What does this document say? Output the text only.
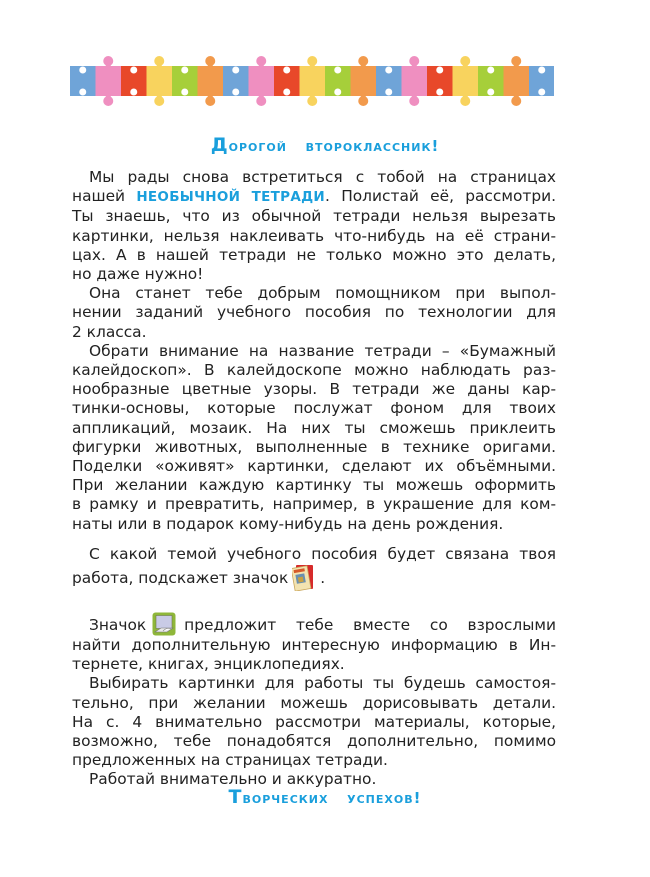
Дорогой   второклассник!
Мы рады снова встретиться с тобой на страницах
нашей НЕОБЫЧНОЙ ТЕТРАДИ. Полистай её, рассмотри.
Ты знаешь, что из обычной тетради нельзя вырезать
картинки, нельзя наклеивать что-нибудь на её страни-
цах. А в нашей тетради не только можно это делать,
но даже нужно!
Она станет тебе добрым помощником при выпол-
нении заданий учебного пособия по технологии для
2 класса.
Обрати внимание на название тетради – «Бумажный
калейдоскоп». В калейдоскопе можно наблюдать раз-
нообразные цветные узоры. В тетради же даны кар-
тинки-основы, которые послужат фоном для твоих
аппликаций, мозаик. На них ты сможешь приклеить
фигурки животных, выполненные в технике оригами.
Поделки «оживят» картинки, сделают их объёмными.
При желании каждую картинку ты можешь оформить
в рамку и превратить, например, в украшение для ком-
наты или в подарок кому-нибудь на день рождения.
С какой темой учебного пособия будет связана твоя
работа, подскажет значок .
Значок предложит тебе вместе со взрослыми
найти дополнительную интересную информацию в Ин-
тернете, книгах, энциклопедиях.
Выбирать картинки для работы ты будешь самостоя-
тельно, при желании можешь дорисовывать детали.
На с. 4 внимательно рассмотри материалы, которые,
возможно, тебе понадобятся дополнительно, помимо
предложенных на страницах тетради.
Работай внимательно и аккуратно.
Творческих   успехов!
